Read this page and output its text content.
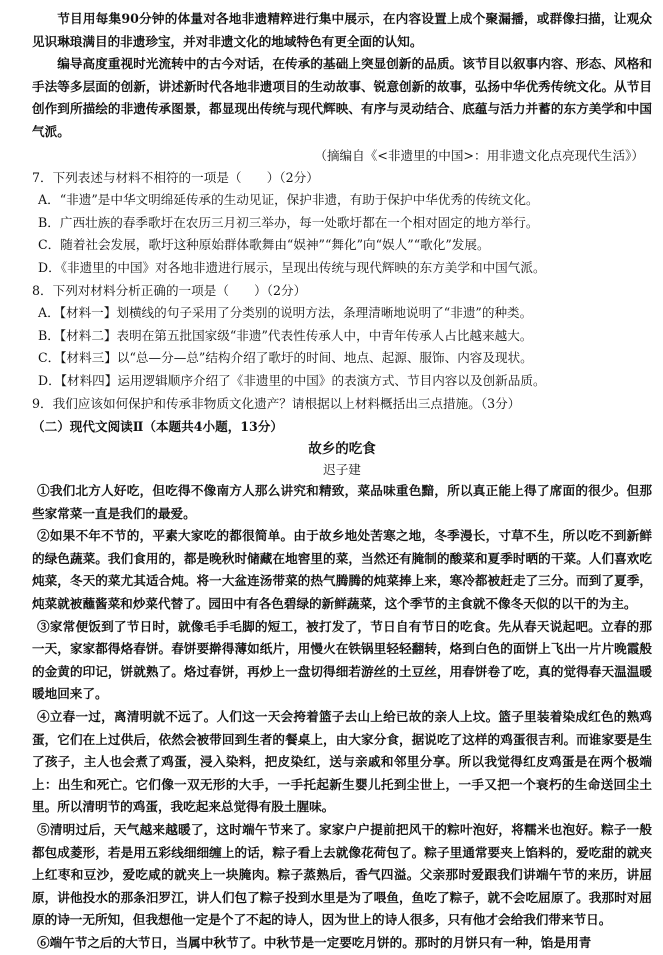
节目用每集90分钟的体量对各地非遗精粹进行集中展示，在内容设置上成个聚漏播，或群像扫描，让观众见识琳琅满目的非遗珍宝，并对非遗文化的地域特色有更全面的认知。

编导高度重视时光流转中的古今对话，在传承的基础上突显创新的品质。该节目以叙事内容、形态、风格和手法等多层面的创新，讲述新时代各地非遗项目的生动故事、锐意创新的故事，弘扬中华优秀传统文化。从节目创作到所描绘的非遗传承图景，都显现出传统与现代辉映、有序与灵动结合、底蕴与活力并蓄的东方美学和中国气派。

（摘编自《<非遗里的中国>：用非遗文化点亮现代生活》）

7．下列表述与材料不相符的一项是（　　）（2分）

A．“非遗”是中华文明绵延传承的生动见证，保护非遗，有助于保护中华优秀的传统文化。

B．广西壮族的春季歌圩在农历三月初三举办，每一处歌圩都在一个相对固定的地方举行。

C．随着社会发展，歌圩这种原始群体歌舞由“娱神”“舞化”向“娱人”“歌化”发展。

D．《非遗里的中国》对各地非遗进行展示，呈现出传统与现代辉映的东方美学和中国气派。

8．下列对材料分析正确的一项是（　　）（2分）

A．【材料一】划横线的句子采用了分类别的说明方法，条理清晰地说明了“非遗”的种类。

B．【材料二】表明在第五批国家级“非遗”代表性传承人中，中青年传承人占比越来越大。

C．【材料三】以“总—分—总”结构介绍了歌圩的时间、地点、起源、服饰、内容及现状。

D．【材料四】运用逻辑顺序介绍了《非遗里的中国》的表演方式、节目内容以及创新品质。

9．我们应该如何保护和传承非物质文化遗产？请根据以上材料概括出三点措施。（3分）

（二）现代文阅读Ⅱ（本题共4小题，13分）

故乡的吃食

迟子建

①我们北方人好吃，但吃得不像南方人那么讲究和精致，菜品味重色黯，所以真正能上得了席面的很少。但那些家常菜一直是我们的最爱。

②如果不年不节的，平素大家吃的都很简单。由于故乡地处苦寒之地，冬季漫长，寸草不生，所以吃不到新鲜的绿色蔬菜。我们食用的，都是晚秋时储藏在地窖里的菜，当然还有腌制的酸菜和夏季时晒的干菜。人们喜欢吃炖菜，冬天的菜尤其适合炖。将一大盆连汤带菜的热气腾腾的炖菜捧上来，寒冷都被赶走了三分。而到了夏季，炖菜就被蘸酱菜和炒菜代替了。园田中有各色碧绿的新鲜蔬菜，这个季节的主食就不像冬天似的以干的为主。

③家常便饭到了节日时，就像毛手毛脚的短工，被打发了，节日自有节日的吃食。先从春天说起吧。立春的那一天，家家都得烙春饼。春饼要擀得薄如纸片，用慢火在铁锅里轻轻翻转，烙到白色的面饼上飞出一片片晚霞般的金黄的印记，饼就熟了。烙过春饼，再炒上一盘切得细若游丝的土豆丝，用春饼卷了吃，真的觉得春天温温暖暖地回来了。

④立春一过，离清明就不远了。人们这一天会挎着篮子去山上给已故的亲人上坟。篮子里装着染成红色的熟鸡蛋，它们在上过供后，依然会被带回到生者的餐桌上，由大家分食，据说吃了这样的鸡蛋很吉利。而谁家要是生了孩子，主人也会煮了鸡蛋，浸入染料，把皮染红，送与亲戚和邻里分享。所以我觉得红皮鸡蛋是在两个极端上：出生和死亡。它们像一双无形的大手，一手托起新生婴儿托到尘世上，一手又把一个衰朽的生命送回尘土里。所以清明节的鸡蛋，我吃起来总觉得有股土腥味。

⑤清明过后，天气越来越暖了，这时端午节来了。家家户户提前把风干的粽叶泡好，将糯米也泡好。粽子一般都包成菱形，若是用五彩线细细缠上的话，粽子看上去就像花荷包了。粽子里通常要夹上馅料的，爱吃甜的就夹上红枣和豆沙，爱吃咸的就夹上一块腌肉。粽子蒸熟后，香气四溢。父亲那时爱跟我们讲端午节的来历，讲屈原，讲他投水的那条汨罗江，讲人们包了粽子投到水里是为了喂鱼，鱼吃了粽子，就不会吃屈原了。我那时对屈原的诗一无所知，但我想他一定是个了不起的诗人，因为世上的诗人很多，只有他才会给我们带来节日。

⑥端午节之后的大节日，当属中秋节了。中秋节是一定要吃月饼的。那时的月饼只有一种，馅是用青
